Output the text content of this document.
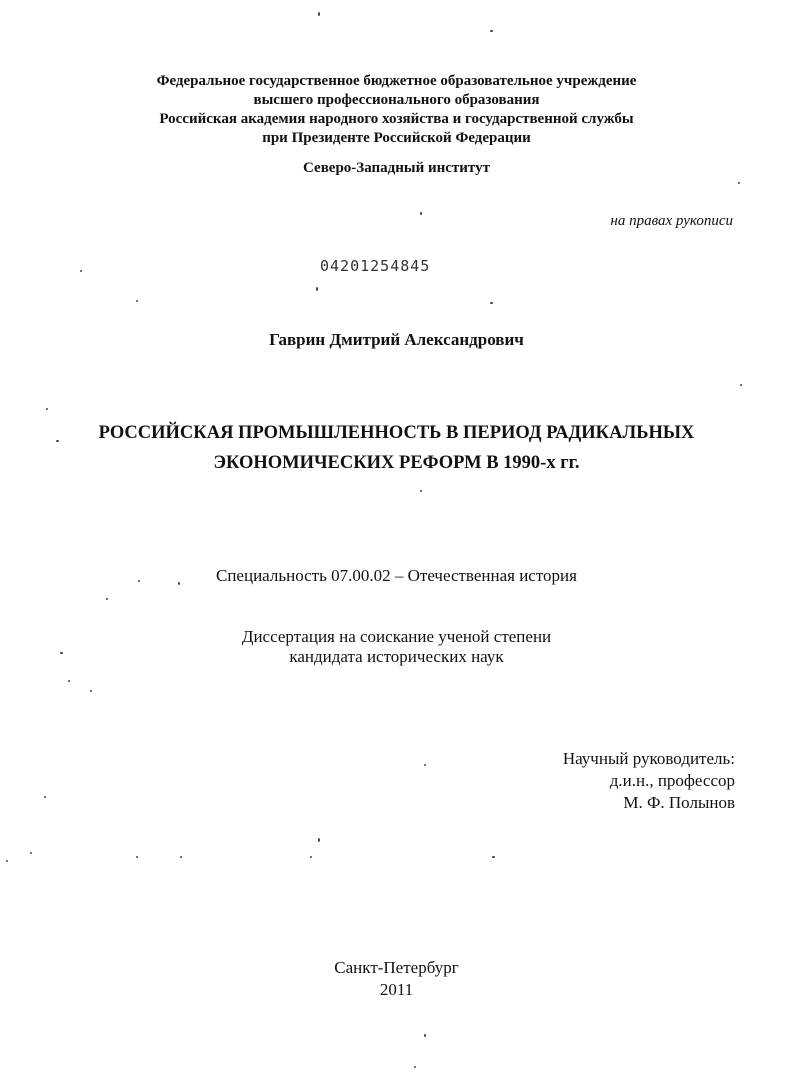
Федеральное государственное бюджетное образовательное учреждение
высшего профессионального образования
Российская академия народного хозяйства и государственной службы
при Президенте Российской Федерации
Северо-Западный институт
на правах рукописи
04201254845
Гаврин Дмитрий Александрович
РОССИЙСКАЯ ПРОМЫШЛЕННОСТЬ В ПЕРИОД РАДИКАЛЬНЫХ
ЭКОНОМИЧЕСКИХ РЕФОРМ В 1990-х гг.
Специальность 07.00.02 – Отечественная история
Диссертация на соискание ученой степени
кандидата исторических наук
Научный руководитель:
д.и.н., профессор
М. Ф. Полынов
Санкт-Петербург
2011
